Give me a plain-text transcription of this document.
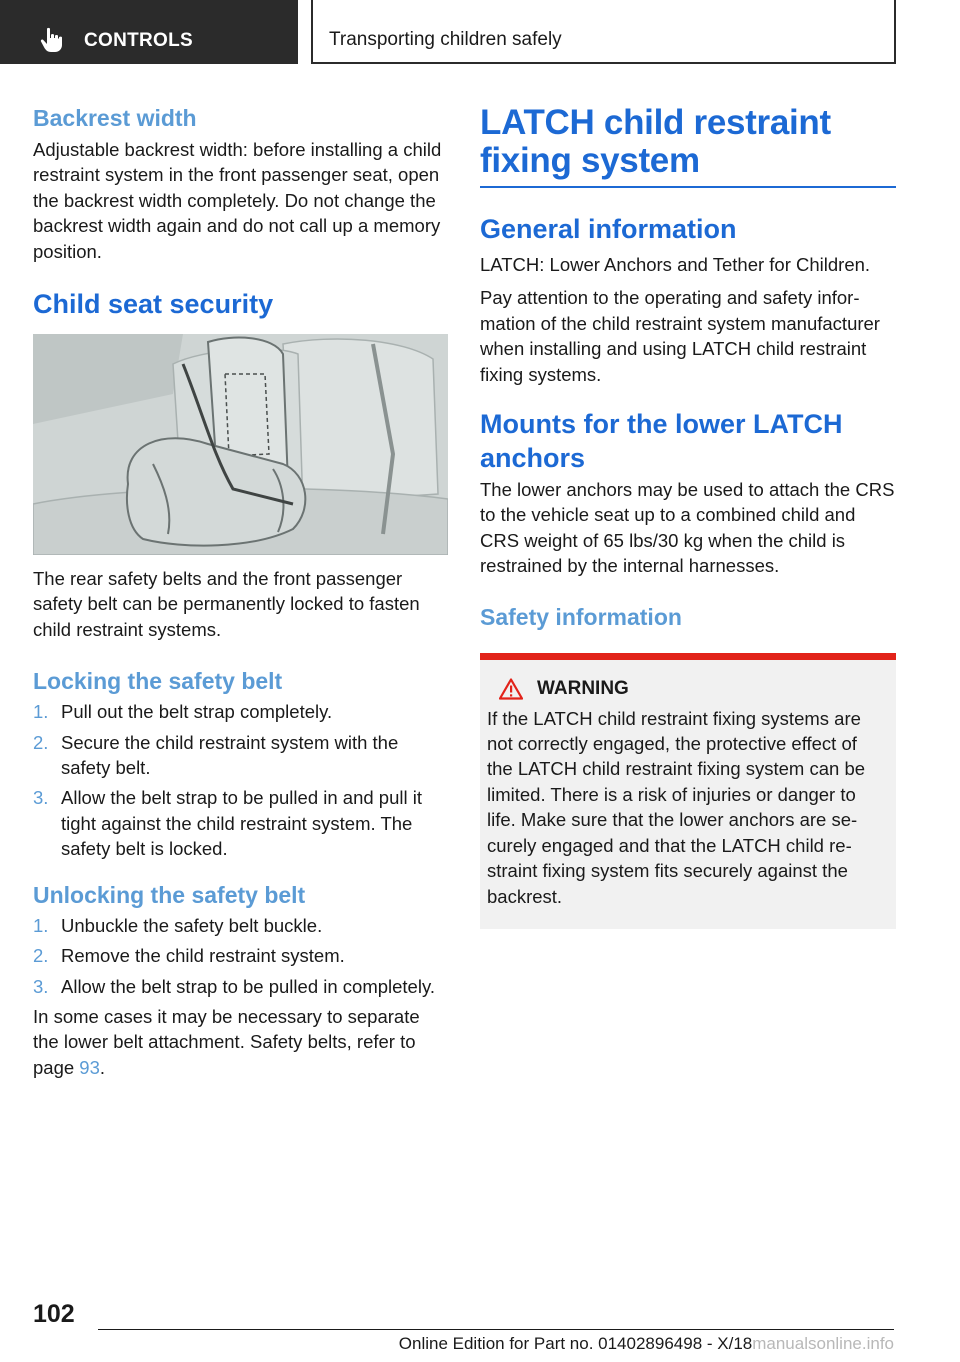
CONTROLS	Transporting children safely
Backrest width
Adjustable backrest width: before installing a child restraint system in the front passenger seat, open the backrest width completely. Do not change the backrest width again and do not call up a memory position.
Child seat security
The rear safety belts and the front passenger safety belt can be permanently locked to fasten child restraint systems.
Locking the safety belt
1. Pull out the belt strap completely.
2. Secure the child restraint system with the safety belt.
3. Allow the belt strap to be pulled in and pull it tight against the child restraint system. The safety belt is locked.
Unlocking the safety belt
1. Unbuckle the safety belt buckle.
2. Remove the child restraint system.
3. Allow the belt strap to be pulled in completely.
In some cases it may be necessary to separate the lower belt attachment. Safety belts, refer to page 93.
LATCH child restraint fixing system
General information
LATCH: Lower Anchors and Tether for Children.
Pay attention to the operating and safety information of the child restraint system manufacturer when installing and using LATCH child restraint fixing systems.
Mounts for the lower LATCH anchors
The lower anchors may be used to attach the CRS to the vehicle seat up to a combined child and CRS weight of 65 lbs/30 kg when the child is restrained by the internal harnesses.
Safety information
WARNING
If the LATCH child restraint fixing systems are not correctly engaged, the protective effect of the LATCH child restraint fixing system can be limited. There is a risk of injuries or danger to life. Make sure that the lower anchors are securely engaged and that the LATCH child restraint fixing system fits securely against the backrest.
102
Online Edition for Part no. 01402896498 - X/18manualsonline.info
